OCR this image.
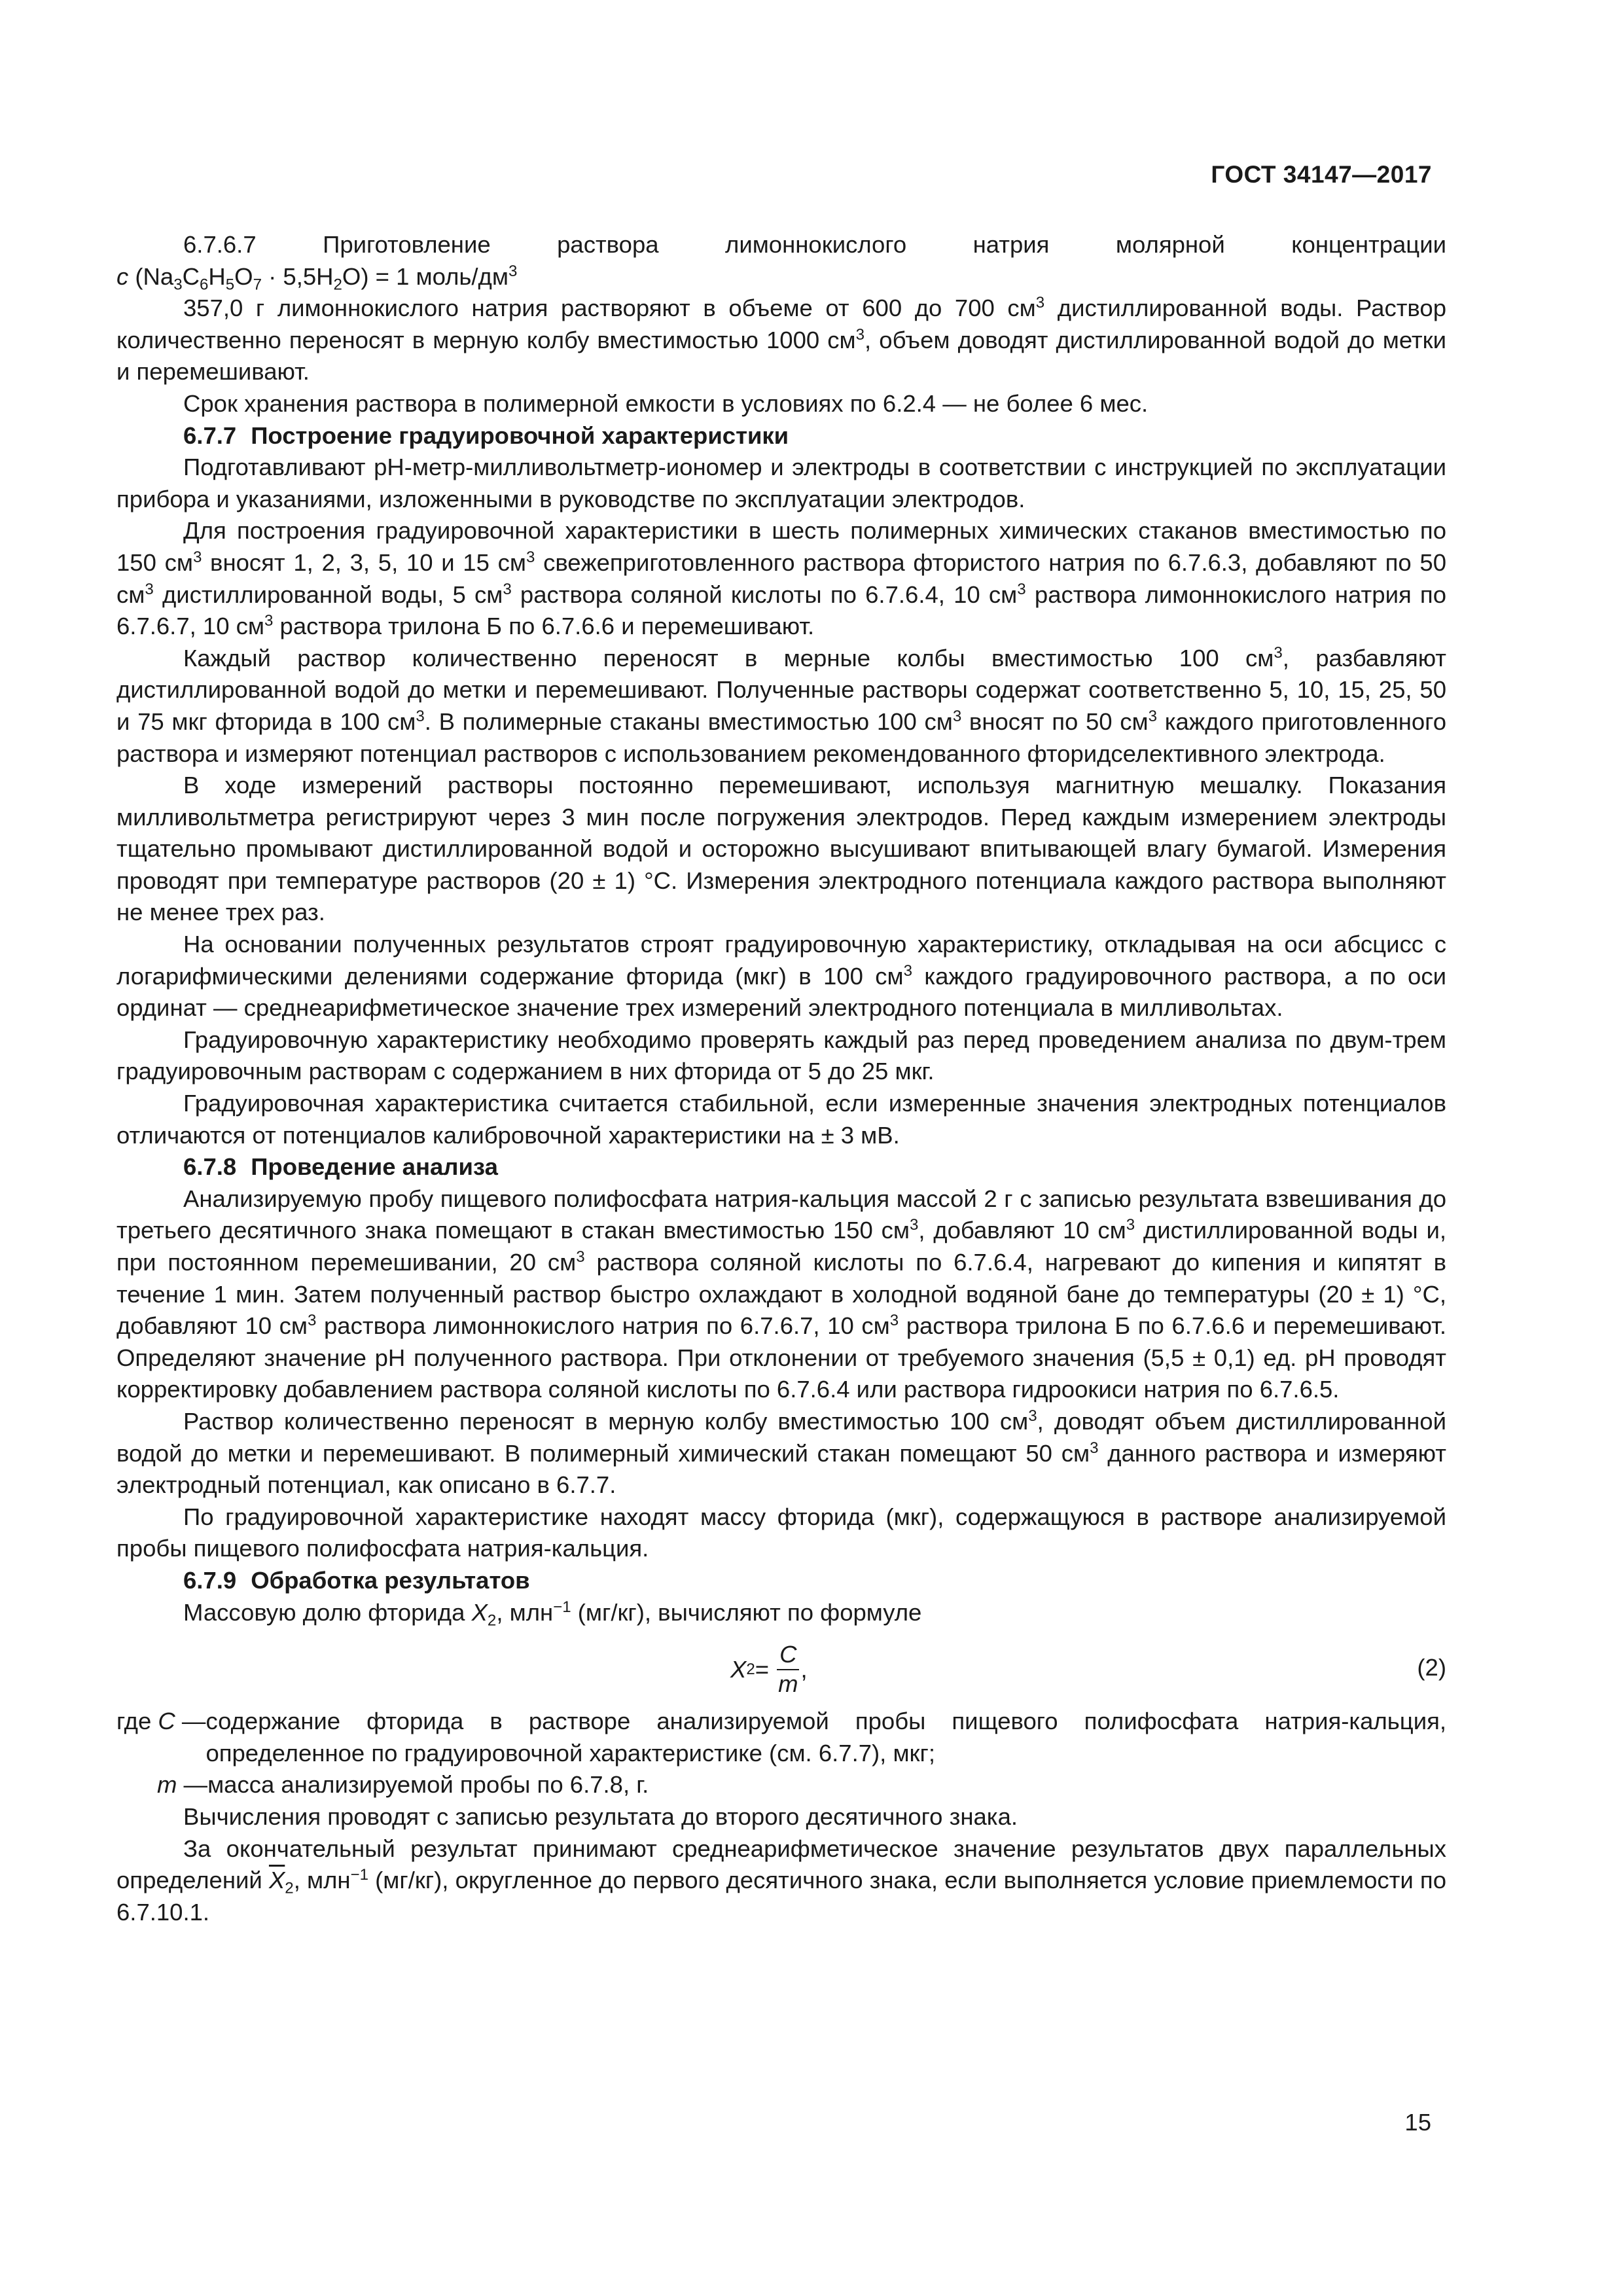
ГОСТ 34147—2017

6.7.6.7 Приготовление раствора лимоннокислого натрия молярной концентрации

c $(Na_3C_6H_5O_7 \cdot 5,5H_2O) = 1$ моль/$дм^3$

357,0 г лимоннокислого натрия растворяют в объеме от 600 до 700 $см^3$ дистиллированной воды. Раствор количественно переносят в мерную колбу вместимостью 1000 $см^3$, объем доводят дистиллированной водой до метки и перемешивают.

Срок хранения раствора в полимерной емкости в условиях по 6.2.4 — не более 6 мес.

6.7.7 Построение градуировочной характеристики

Подготавливают рН-метр-милливольтметр-иономер и электроды в соответствии с инструкцией по эксплуатации прибора и указаниями, изложенными в руководстве по эксплуатации электродов.

Для построения градуировочной характеристики в шесть полимерных химических стаканов вместимостью по 150 $см^3$ вносят 1, 2, 3, 5, 10 и 15 $см^3$ свежеприготовленного раствора фтористого натрия по 6.7.6.3, добавляют по 50 $см^3$ дистиллированной воды, 5 $см^3$ раствора соляной кислоты по 6.7.6.4, 10 $см^3$ раствора лимоннокислого натрия по 6.7.6.7, 10 $см^3$ раствора трилона Б по 6.7.6.6 и перемешивают.

Каждый раствор количественно переносят в мерные колбы вместимостью 100 $см^3$, разбавляют дистиллированной водой до метки и перемешивают. Полученные растворы содержат соответственно 5, 10, 15, 25, 50 и 75 мкг фторида в 100 $см^3$. В полимерные стаканы вместимостью 100 $см^3$ вносят по 50 $см^3$ каждого приготовленного раствора и измеряют потенциал растворов с использованием рекомендованного фторидселективного электрода.

В ходе измерений растворы постоянно перемешивают, используя магнитную мешалку. Показания милливольтметра регистрируют через 3 мин после погружения электродов. Перед каждым измерением электроды тщательно промывают дистиллированной водой и осторожно высушивают впитывающей влагу бумагой. Измерения проводят при температуре растворов (20 ± 1) °С. Измерения электродного потенциала каждого раствора выполняют не менее трех раз.

На основании полученных результатов строят градуировочную характеристику, откладывая на оси абсцисс с логарифмическими делениями содержание фторида (мкг) в 100 $см^3$ каждого градуировочного раствора, а по оси ординат — среднеарифметическое значение трех измерений электродного потенциала в милливольтах.

Градуировочную характеристику необходимо проверять каждый раз перед проведением анализа по двум-трем градуировочным растворам с содержанием в них фторида от 5 до 25 мкг.

Градуировочная характеристика считается стабильной, если измеренные значения электродных потенциалов отличаются от потенциалов калибровочной характеристики на ± 3 мВ.

6.7.8 Проведение анализа

Анализируемую пробу пищевого полифосфата натрия-кальция массой 2 г с записью результата взвешивания до третьего десятичного знака помещают в стакан вместимостью 150 $см^3$, добавляют 10 $см^3$ дистиллированной воды и, при постоянном перемешивании, 20 $см^3$ раствора соляной кислоты по 6.7.6.4, нагревают до кипения и кипятят в течение 1 мин. Затем полученный раствор быстро охлаждают в холодной водяной бане до температуры (20 ± 1) °С, добавляют 10 $см^3$ раствора лимоннокислого натрия по 6.7.6.7, 10 $см^3$ раствора трилона Б по 6.7.6.6 и перемешивают. Определяют значение рН полученного раствора. При отклонении от требуемого значения (5,5 ± 0,1) ед. рН проводят корректировку добавлением раствора соляной кислоты по 6.7.6.4 или раствора гидроокиси натрия по 6.7.6.5.

Раствор количественно переносят в мерную колбу вместимостью 100 $см^3$, доводят объем дистиллированной водой до метки и перемешивают. В полимерный химический стакан помещают 50 $см^3$ данного раствора и измеряют электродный потенциал, как описано в 6.7.7.

По градуировочной характеристике находят массу фторида (мкг), содержащуюся в растворе анализируемой пробы пищевого полифосфата натрия-кальция.

6.7.9 Обработка результатов

Массовую долю фторида $X_2$, млн$^{-1}$ (мг/кг), вычисляют по формуле

X $2 = \frac{C}{m}$ ,	(2)
где C — содержание фторида в растворе анализируемой пробы пищевого полифосфата натрия-кальция, определенное по градуировочной характеристике (см. 6.7.7), мкг;
m — масса анализируемой пробы по 6.7.8, г.

Вычисления проводят с записью результата до второго десятичного знака.

За окончательный результат принимают среднеарифметическое значение результатов двух параллельных определений $\overline{X}_2$, млн$^{-1}$ (мг/кг), округленное до первого десятичного знака, если выполняется условие приемлемости по 6.7.10.1.

15
